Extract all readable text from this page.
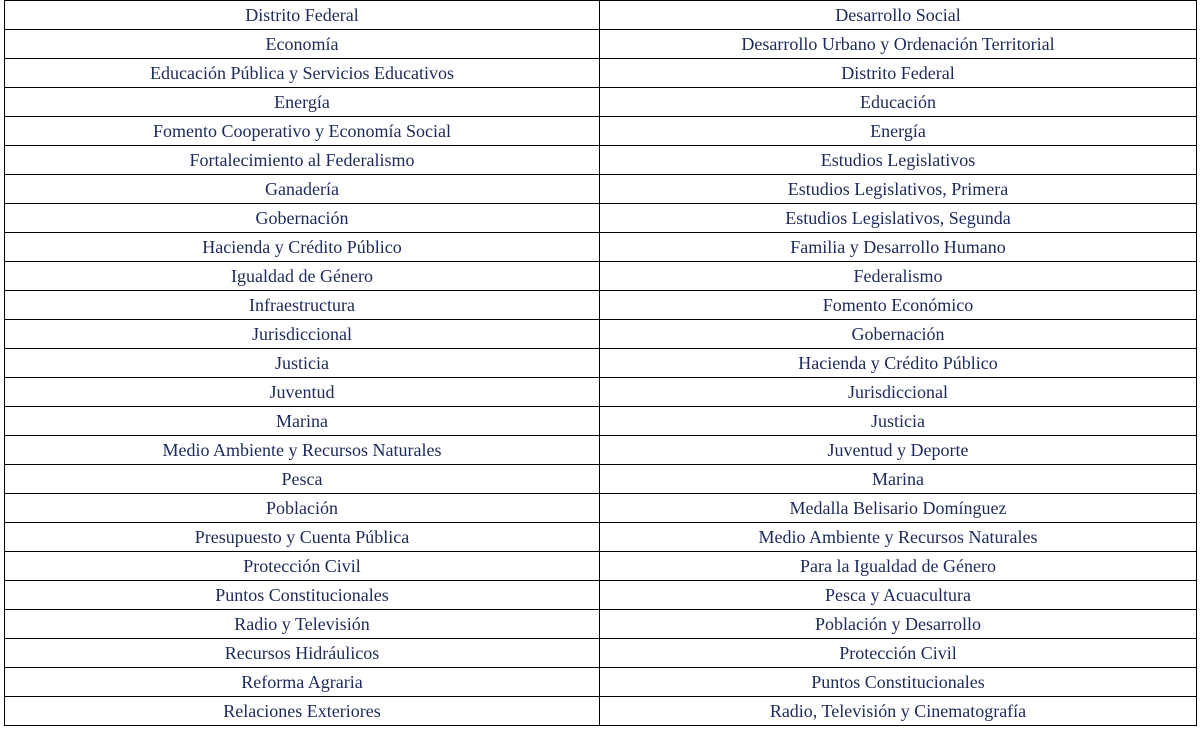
Distrito Federal	Desarrollo Social
Economía	Desarrollo Urbano y Ordenación Territorial
Educación Pública y Servicios Educativos	Distrito Federal
Energía	Educación
Fomento Cooperativo y Economía Social	Energía
Fortalecimiento al Federalismo	Estudios Legislativos
Ganadería	Estudios Legislativos, Primera
Gobernación	Estudios Legislativos, Segunda
Hacienda y Crédito Público	Familia y Desarrollo Humano
Igualdad de Género	Federalismo
Infraestructura	Fomento Económico
Jurisdiccional	Gobernación
Justicia	Hacienda y Crédito Público
Juventud	Jurisdiccional
Marina	Justicia
Medio Ambiente y Recursos Naturales	Juventud y Deporte
Pesca	Marina
Población	Medalla Belisario Domínguez
Presupuesto y Cuenta Pública	Medio Ambiente y Recursos Naturales
Protección Civil	Para la Igualdad de Género
Puntos Constitucionales	Pesca y Acuacultura
Radio y Televisión	Población y Desarrollo
Recursos Hidráulicos	Protección Civil
Reforma Agraria	Puntos Constitucionales
Relaciones Exteriores	Radio, Televisión y Cinematografía
